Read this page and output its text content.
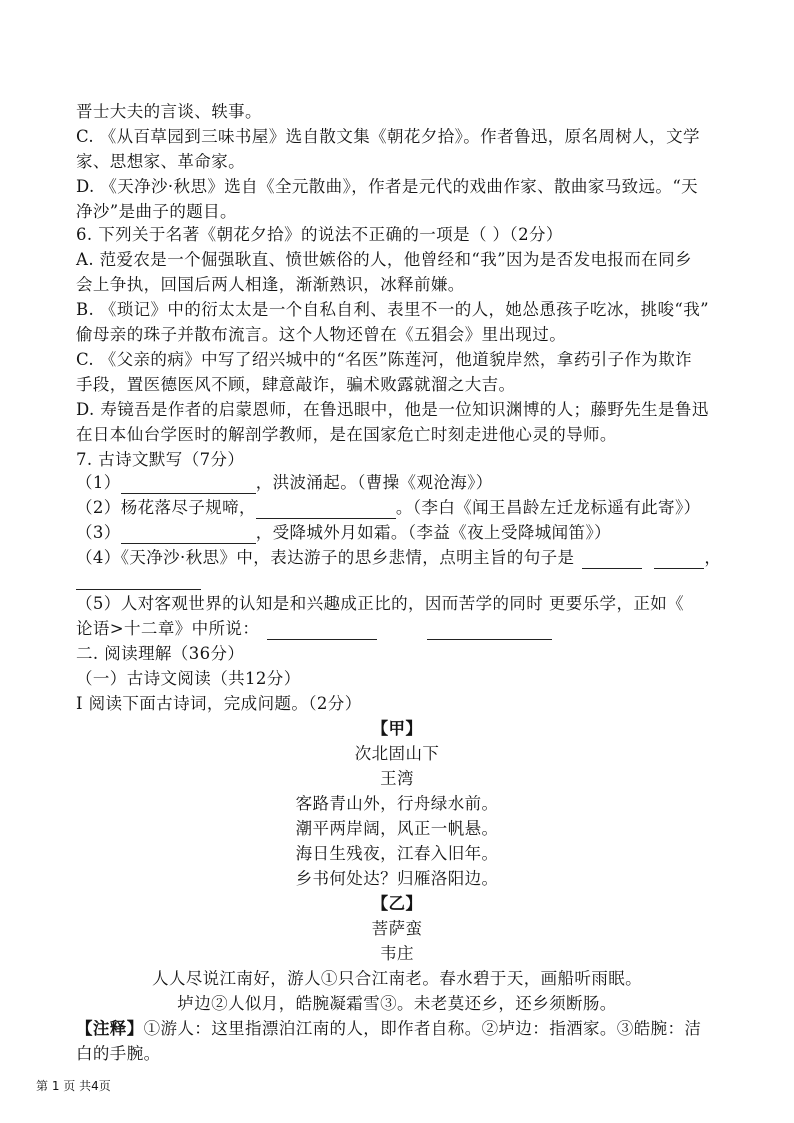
晋士大夫的言谈、轶事。
C. 《从百草园到三味书屋》选自散文集《朝花夕拾》。作者鲁迅，原名周树人，文学
家、思想家、革命家。
D. 《天净沙·秋思》选自《全元散曲》，作者是元代的戏曲作家、散曲家马致远。“天
净沙”是曲子的题目。
6. 下列关于名著《朝花夕拾》的说法不正确的一项是（ ）（2分）
A. 范爱农是一个倔强耿直、愤世嫉俗的人，他曾经和“我”因为是否发电报而在同乡
会上争执，回国后两人相逢，渐渐熟识，冰释前嫌。
B. 《琐记》中的衍太太是一个自私自利、表里不一的人，她怂恿孩子吃冰，挑唆“我”
偷母亲的珠子并散布流言。这个人物还曾在《五猖会》里出现过。
C. 《父亲的病》中写了绍兴城中的“名医”陈莲河，他道貌岸然，拿药引子作为欺诈
手段，置医德医风不顾，肆意敲诈，骗术败露就溜之大吉。
D. 寿镜吾是作者的启蒙恩师，在鲁迅眼中，他是一位知识渊博的人；藤野先生是鲁迅
在日本仙台学医时的解剖学教师，是在国家危亡时刻走进他心灵的导师。
7. 古诗文默写（7分）
（1）	，洪波涌起。（曹操《观沧海》）
（2）杨花落尽子规啼，	。（李白《闻王昌龄左迁龙标遥有此寄》）
（3）	，受降城外月如霜。（李益《夜上受降城闻笛》）
（4）《天净沙·秋思》中，表达游子的思乡悲情，点明主旨的句子是	，
（5）人对客观世界的认知是和兴趣成正比的，因而苦学的同时 更要乐学，正如《
论语>十二章》中所说：
二. 阅读理解（36分）
（一）古诗文阅读（共12分）
I 阅读下面古诗词，完成问题。（2分）
【甲】
次北固山下
王湾
客路青山外，行舟绿水前。
潮平两岸阔，风正一帆悬。
海日生残夜，江春入旧年。
乡书何处达？归雁洛阳边。
【乙】
菩萨蛮
韦庄
人人尽说江南好，游人①只合江南老。春水碧于天，画船听雨眠。
垆边②人似月，皓腕凝霜雪③。未老莫还乡，还乡须断肠。
【注释】①游人：这里指漂泊江南的人，即作者自称。②垆边：指酒家。③皓腕：洁
白的手腕。
第 1 页 共4页
